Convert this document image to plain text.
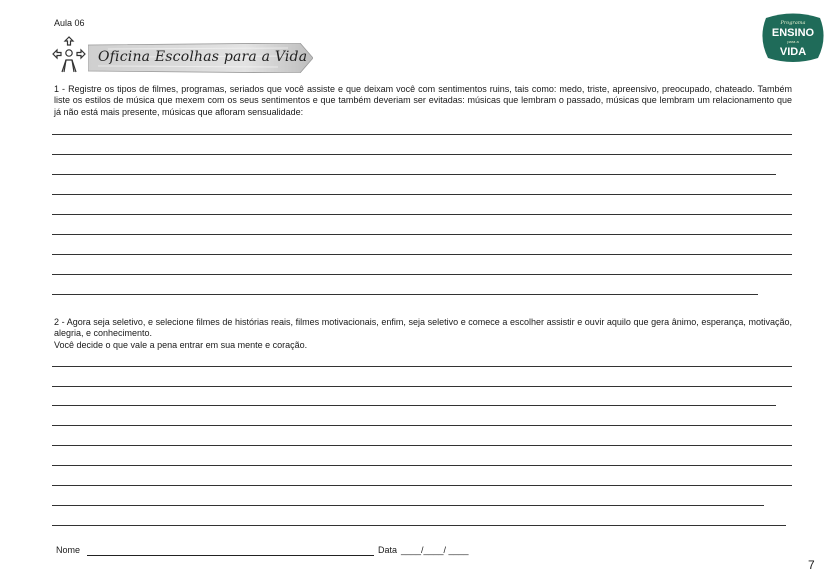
Aula 06
Oficina Escolhas para a Vida
Programa
ENSINO
para a
VIDA

1 - Registre os tipos de filmes, programas, seriados que você assiste e que deixam você com sentimentos ruins, tais como: medo, triste, apreensivo, preocupado, chateado. Também liste os estilos de música que mexem com os seus sentimentos e que também deveriam ser evitadas: músicas que lembram o passado, músicas que lembram um relacionamento que já não está mais presente, músicas que afloram sensualidade:

2 - Agora seja seletivo, e selecione filmes de histórias reais, filmes motivacionais, enfim, seja seletivo e comece a escolher assistir e ouvir aquilo que gera ânimo, esperança, motivação, alegria, e conhecimento.
Você decide o que vale a pena entrar em sua mente e coração.

Nome	Data ____/____/ ____
7
